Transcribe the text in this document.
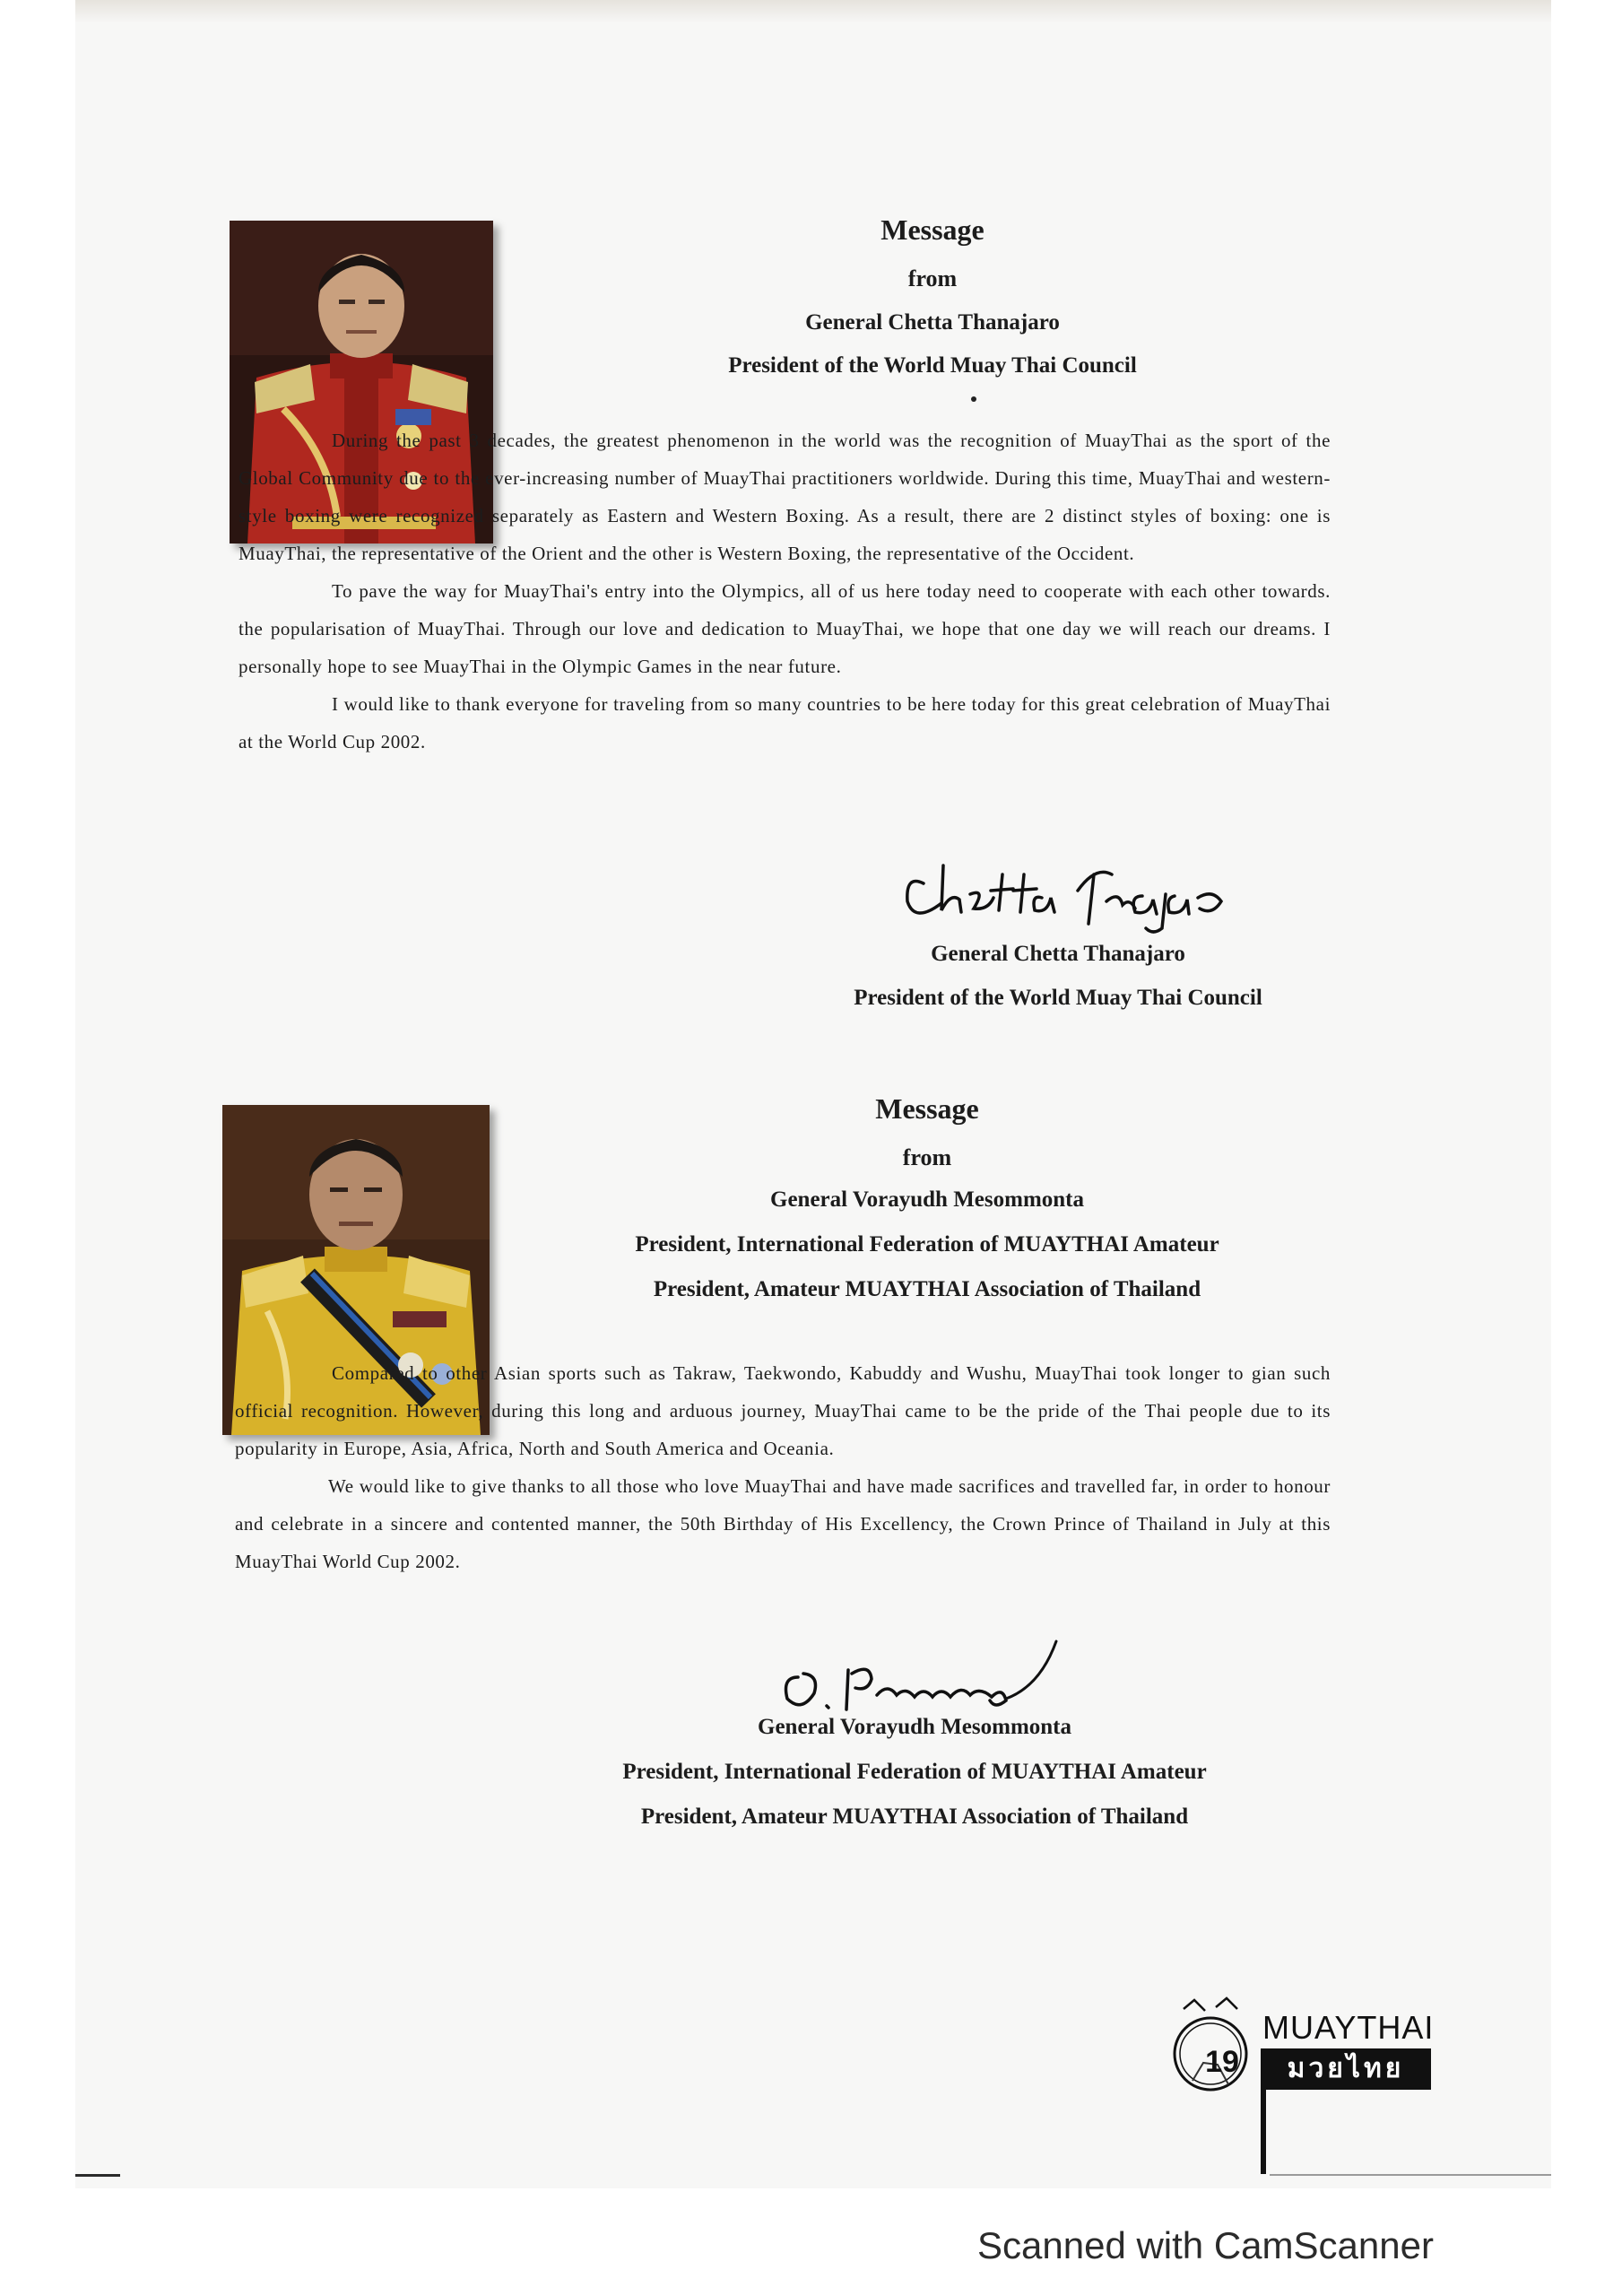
Message
from
General Chetta Thanajaro
President of the World Muay Thai Council

During the past 3 decades, the greatest phenomenon in the world was the recognition of MuayThai as the sport of the Global Community due to the ever-increasing number of MuayThai practitioners worldwide. During this time, MuayThai and western-style boxing were recognized separately as Eastern and Western Boxing. As a result, there are 2 distinct styles of boxing: one is MuayThai, the representative of the Orient and the other is Western Boxing, the representative of the Occident.

To pave the way for MuayThai's entry into the Olympics, all of us here today need to cooperate with each other towards. the popularisation of MuayThai. Through our love and dedication to MuayThai, we hope that one day we will reach our dreams. I personally hope to see MuayThai in the Olympic Games in the near future.

I would like to thank everyone for traveling from so many countries to be here today for this great celebration of MuayThai at the World Cup 2002.

General Chetta Thanajaro
President of the World Muay Thai Council
Message
from
General Vorayudh Mesommonta
President, International Federation of MUAYTHAI Amateur
President, Amateur MUAYTHAI Association of Thailand

Compared to other Asian sports such as Takraw, Taekwondo, Kabuddy and Wushu, MuayThai took longer to gian such official recognition. However, during this long and arduous journey, MuayThai came to be the pride of the Thai people due to its popularity in Europe, Asia, Africa, North and South America and Oceania.

We would like to give thanks to all those who love MuayThai and have made sacrifices and travelled far, in order to honour and celebrate in a sincere and contented manner, the 50th Birthday of His Excellency, the Crown Prince of Thailand in July at this MuayThai World Cup 2002.

General Vorayudh Mesommonta
President, International Federation of MUAYTHAI Amateur
President, Amateur MUAYTHAI Association of Thailand
19
MUAYTHAI
มวยไทย
Scanned with CamScanner
